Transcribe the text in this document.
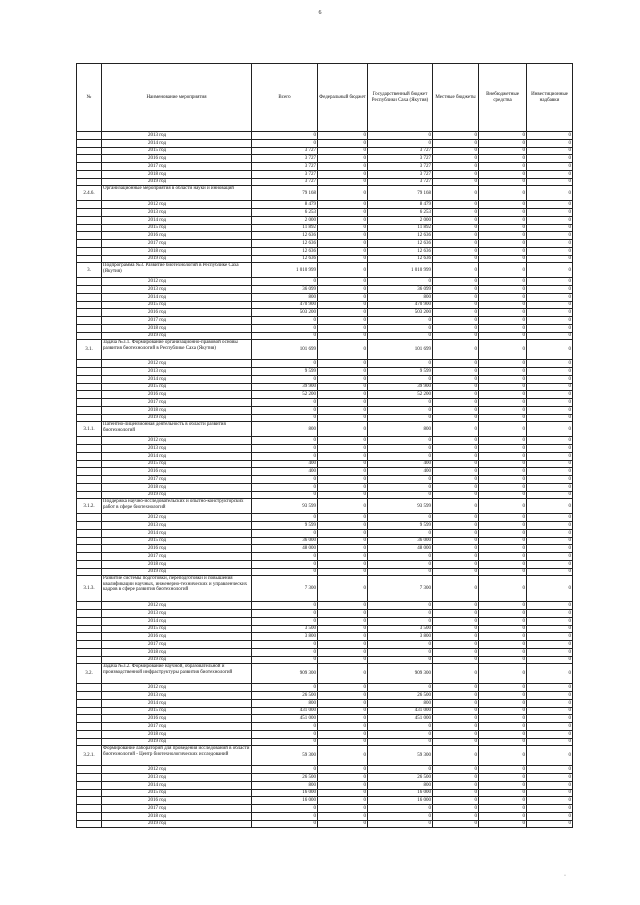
6
№	Наименование мероприятия	Всего	Федеральный бюджет	Государственный бюджет Республики Саха (Якутия)	Местные бюджеты	Внебюджетные средства	Инвестиционные надбавки
	2013 год	0	0	0	0	0	0
	2014 год	0	0	0	0	0	0
	2015 год	3 727	0	3 727	0	0	0
	2016 год	3 727	0	3 727	0	0	0
	2017 год	3 727	0	3 727	0	0	0
	2018 год	3 727	0	3 727	0	0	0
	2019 год	3 727	0	3 727	0	0	0
2.4.6.	Организационные мероприятия в области науки и инноваций	79 168	0	79 168	0	0	0
	2012 год	8 479	0	8 479	0	0	0
	2013 год	6 253	0	6 253	0	0	0
	2014 год	2 000	0	2 000	0	0	0
	2015 год	11 892	0	11 892	0	0	0
	2016 год	12 636	0	12 636	0	0	0
	2017 год	12 636	0	12 636	0	0	0
	2018 год	12 636	0	12 636	0	0	0
	2019 год	12 636	0	12 636	0	0	0
3.	Подпрограмма №3. Развитие биотехнологий в Республике Саха (Якутия)	1 010 999	0	1 010 999	0	0	0
	2012 год	0	0	0	0	0	0
	2013 год	36 099	0	36 099	0	0	0
	2014 год	800	0	800	0	0	0
	2015 год	470 900	0	470 900	0	0	0
	2016 год	503 200	0	503 200	0	0	0
	2017 год	0	0	0	0	0	0
	2018 год	0	0	0	0	0	0
	2019 год	0	0	0	0	0	0
3.1.	Задача №3.1. Формирование организационно-правовой основы развития биотехнологий в Республике Саха (Якутия)	101 699	0	101 699	0	0	0
	2012 год	0	0	0	0	0	0
	2013 год	9 599	0	9 599	0	0	0
	2014 год	0	0	0	0	0	0
	2015 год	39 900	0	39 900	0	0	0
	2016 год	52 200	0	52 200	0	0	0
	2017 год	0	0	0	0	0	0
	2018 год	0	0	0	0	0	0
	2019 год	0	0	0	0	0	0
3.1.1.	Патентно-лицензионная деятельность в области развития биотехнологий	800	0	800	0	0	0
	2012 год	0	0	0	0	0	0
	2013 год	0	0	0	0	0	0
	2014 год	0	0	0	0	0	0
	2015 год	400	0	400	0	0	0
	2016 год	400	0	400	0	0	0
	2017 год	0	0	0	0	0	0
	2018 год	0	0	0	0	0	0
	2019 год	0	0	0	0	0	0
3.1.2.	Поддержка научно-исследовательских и опытно-конструкторских работ в сфере биотехнологий	93 599	0	93 599	0	0	0
	2012 год	0	0	0	0	0	0
	2013 год	9 599	0	9 599	0	0	0
	2014 год	0	0	0	0	0	0
	2015 год	36 000	0	36 000	0	0	0
	2016 год	48 000	0	48 000	0	0	0
	2017 год	0	0	0	0	0	0
	2018 год	0	0	0	0	0	0
	2019 год	0	0	0	0	0	0
3.1.3.	Развитие системы подготовки, переподготовки и повышения квалификации научных, инженерно-технических и управленческих кадров в сфере развития биотехнологий	7 300	0	7 300	0	0	0
	2012 год	0	0	0	0	0	0
	2013 год	0	0	0	0	0	0
	2014 год	0	0	0	0	0	0
	2015 год	3 500	0	3 500	0	0	0
	2016 год	3 800	0	3 800	0	0	0
	2017 год	0	0	0	0	0	0
	2018 год	0	0	0	0	0	0
	2019 год	0	0	0	0	0	0
3.2.	Задача №3.2. Формирование научной, образовательной и производственной инфраструктуры развития биотехнологий	909 300	0	909 300	0	0	0
	2012 год	0	0	0	0	0	0
	2013 год	26 500	0	26 500	0	0	0
	2014 год	800	0	800	0	0	0
	2015 год	431 000	0	431 000	0	0	0
	2016 год	451 000	0	451 000	0	0	0
	2017 год	0	0	0	0	0	0
	2018 год	0	0	0	0	0	0
	2019 год	0	0	0	0	0	0
3.2.1.	Формирование лабораторий для проведения исследований в области биотехнологий - Центр биотехнологических исследований	59 300	0	59 300	0	0	0
	2012 год	0	0	0	0	0	0
	2013 год	26 500	0	26 500	0	0	0
	2014 год	800	0	800	0	0	0
	2015 год	16 000	0	16 000	0	0	0
	2016 год	16 000	0	16 000	0	0	0
	2017 год	0	0	0	0	0	0
	2018 год	0	0	0	0	0	0
	2019 год	0	0	0	0	0	0
·
